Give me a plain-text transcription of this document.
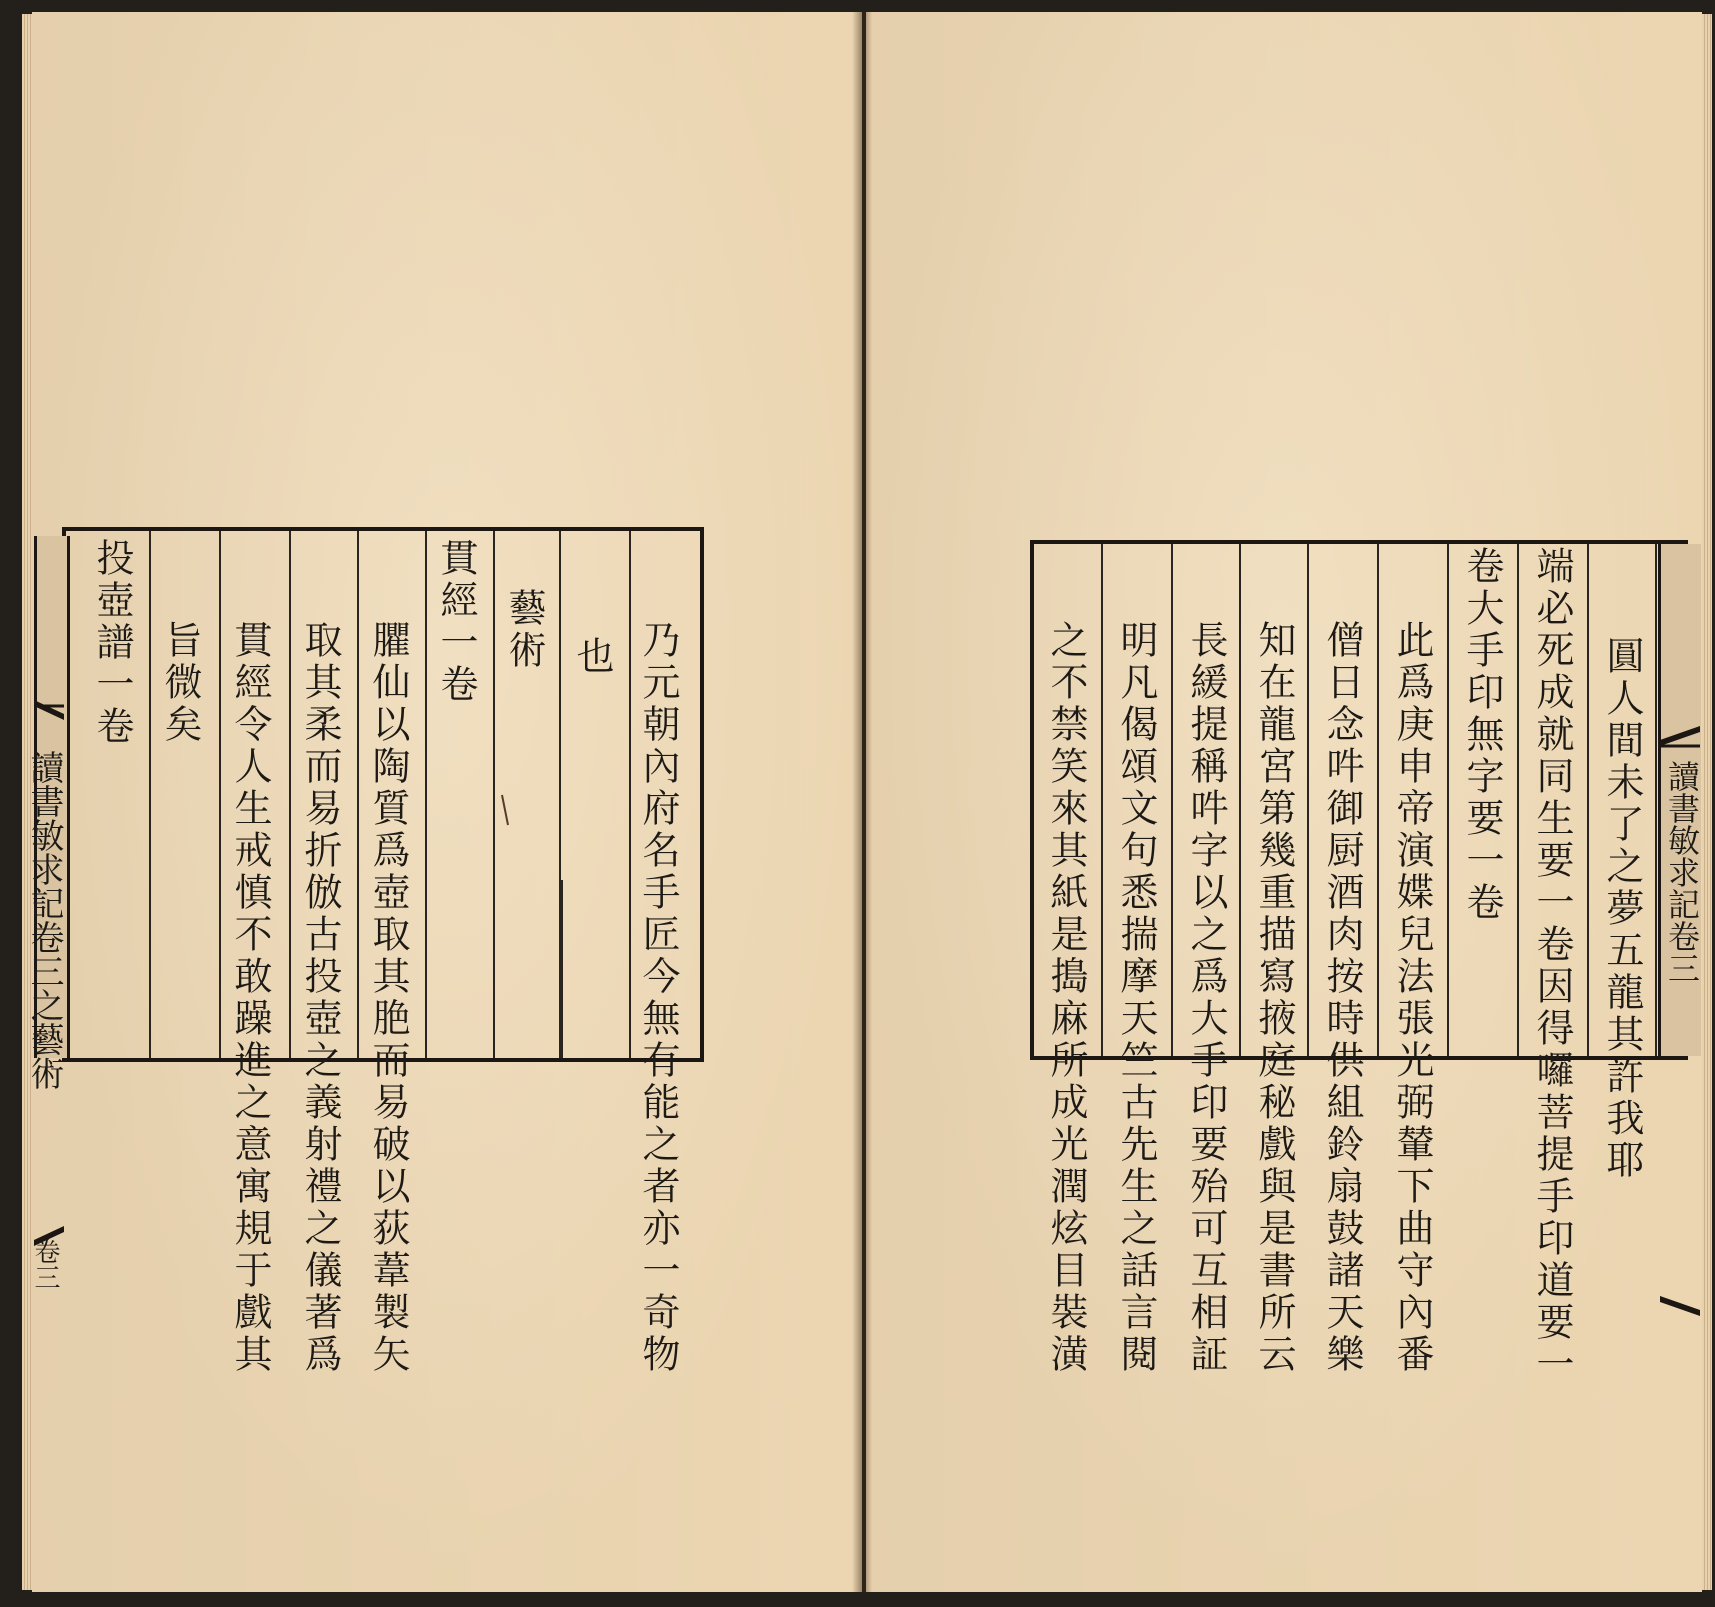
乃元朝內府名手匠今無有能之者亦一奇物
也
藝術
貫經一卷
臞仙以陶質爲壺取其脃而易破以荻葦製矢
取其柔而易折倣古投壺之義射禮之儀著爲
貫經令人生戒慎不敢躁進之意寓規于戲其
旨微矣
投壺譜一卷
讀書敏求記卷三之藝術
卷三
圓人間未了之夢五龍其許我耶
端必死成就同生要一卷因得囉菩提手印道要一
卷大手印無字要一卷
此爲庚申帝演媟兒法張光弼輦下曲守內番
僧日念吽御厨酒肉按時供組鈴扇鼓諸天樂
知在龍宮第幾重描寫掖庭秘戲與是書所云
長緩提稱吽字以之爲大手印要殆可互相証
明凡偈頌文句悉揣摩天竺古先生之話言閱
之不禁笑來其紙是搗麻所成光潤炫目裝潢	讀書敏求記卷三
